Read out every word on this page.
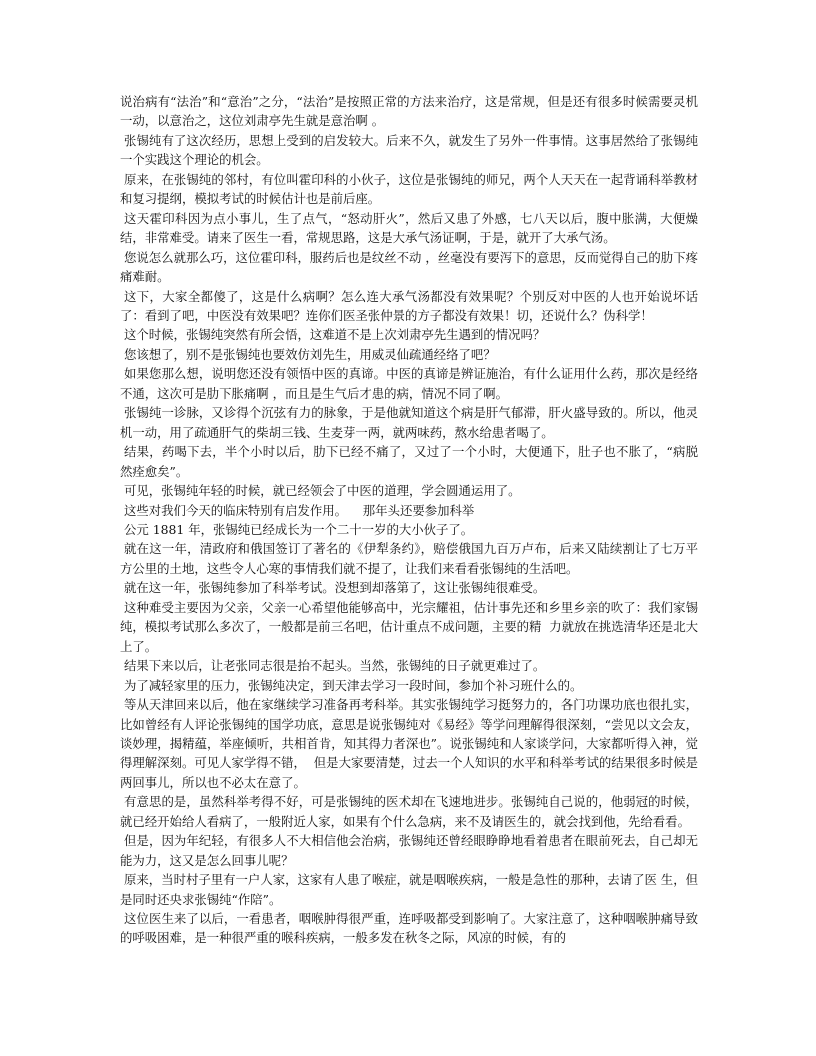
说治病有“法治”和“意治”之分，“法治”是按照正常的方法来治疗，这是常规，但是还有很多时候需要灵机一动，以意治之，这位刘肃亭先生就是意治啊 。

张锡纯有了这次经历，思想上受到的启发较大。后来不久，就发生了另外一件事情。这事居然给了张锡纯一个实践这个理论的机会。

原来，在张锡纯的邻村，有位叫霍印科的小伙子，这位是张锡纯的师兄，两个人天天在一起背诵科举教材和复习提纲，模拟考试的时候估计也是前后座。

这天霍印科因为点小事儿，生了点气，“怒动肝火”，然后又患了外感，七八天以后，腹中胀满，大便燥结，非常难受。请来了医生一看，常规思路，这是大承气汤证啊，于是，就开了大承气汤。

您说怎么就那么巧，这位霍印科，服药后也是纹丝不动 ，丝毫没有要泻下的意思，反而觉得自己的肋下疼痛难耐。

这下，大家全都傻了，这是什么病啊？怎么连大承气汤都没有效果呢？个别反对中医的人也开始说坏话了：看到了吧，中医没有效果吧？连你们医圣张仲景的方子都没有效果！切，还说什么？伪科学！

这个时候，张锡纯突然有所会悟，这难道不是上次刘肃亭先生遇到的情况吗？

您该想了，别不是张锡纯也要效仿刘先生，用威灵仙疏通经络了吧？

如果您那么想，说明您还没有领悟中医的真谛。中医的真谛是辨证施治，有什么证用什么药，那次是经络不通，这次可是肋下胀痛啊 ，而且是生气后才患的病，情况不同了啊。

张锡纯一诊脉，又诊得个沉弦有力的脉象，于是他就知道这个病是肝气郁滞，肝火盛导致的。所以，他灵机一动，用了疏通肝气的柴胡三钱、生麦芽一两，就两味药，熬水给患者喝了。

结果，药喝下去，半个小时以后，肋下已经不痛了，又过了一个小时，大便通下，肚子也不胀了，“病脱然痊愈矣”。

可见，张锡纯年轻的时候，就已经领会了中医的道理，学会圆通运用了。

这些对我们今天的临床特别有启发作用。    那年头还要参加科举

公元 1881 年，张锡纯已经成长为一个二十一岁的大小伙子了。

就在这一年，清政府和俄国签订了著名的《伊犁条约》，赔偿俄国九百万卢布，后来又陆续割让了七万平方公里的土地，这些令人心寒的事情我们就不提了，让我们来看看张锡纯的生活吧。

就在这一年，张锡纯参加了科举考试。没想到却落第了，这让张锡纯很难受。

这种难受主要因为父亲，父亲一心希望他能够高中，光宗耀祖，估计事先还和乡里乡亲的吹了：我们家锡纯，模拟考试那么多次了，一般都是前三名吧，估计重点不成问题，主要的精  力就放在挑选清华还是北大上了。

结果下来以后，让老张同志很是抬不起头。当然，张锡纯的日子就更难过了。

为了减轻家里的压力，张锡纯决定，到天津去学习一段时间，参加个补习班什么的。

等从天津回来以后，他在家继续学习准备再考科举。其实张锡纯学习挺努力的，各门功课功底也很扎实，比如曾经有人评论张锡纯的国学功底，意思是说张锡纯对《易经》等学问理解得很深刻，“尝见以文会友，谈妙理，揭精蕴，举座倾听，共相首肯，知其得力者深也”。说张锡纯和人家谈学问，大家都听得入神，觉得理解深刻。可见人家学得不错，  但是大家要清楚，过去一个人知识的水平和科举考试的结果很多时候是两回事儿，所以也不必太在意了。

有意思的是，虽然科举考得不好，可是张锡纯的医术却在飞速地进步。张锡纯自己说的，他弱冠的时候，就已经开始给人看病了，一般附近人家，如果有个什么急病，来不及请医生的，就会找到他，先给看看。

但是，因为年纪轻，有很多人不大相信他会治病，张锡纯还曾经眼睁睁地看着患者在眼前死去，自己却无能为力，这又是怎么回事儿呢？

原来，当时村子里有一户人家，这家有人患了喉症，就是咽喉疾病，一般是急性的那种，去请了医 生，但是同时还央求张锡纯“作陪”。

这位医生来了以后，一看患者，咽喉肿得很严重，连呼吸都受到影响了。大家注意了，这种咽喉肿痛导致的呼吸困难，是一种很严重的喉科疾病，一般多发在秋冬之际，风凉的时候，有的
